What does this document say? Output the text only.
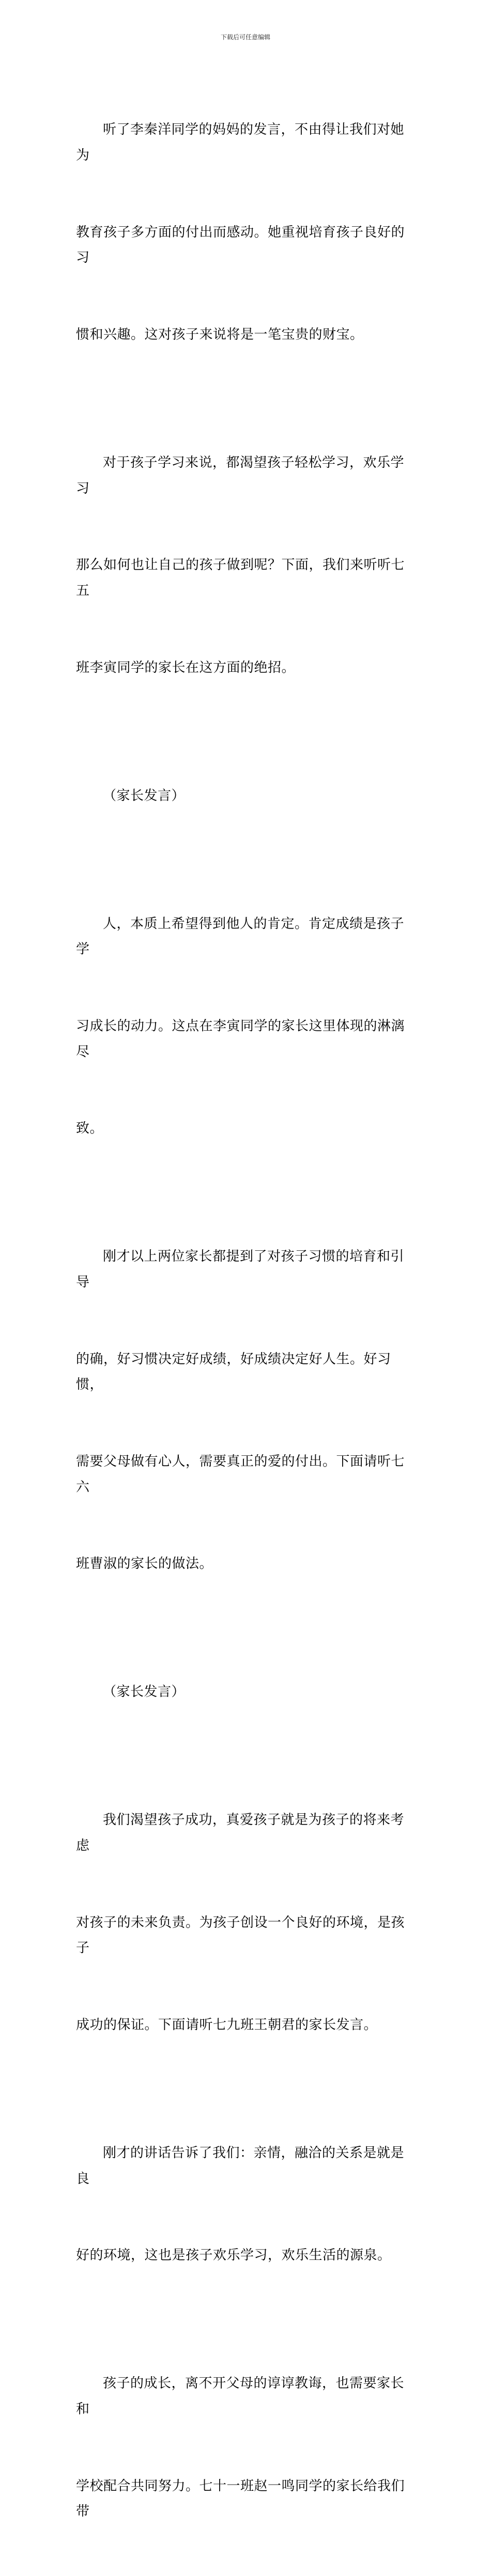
下载后可任意编辑

听了李秦洋同学的妈妈的发言，不由得让我们对她为

教育孩子多方面的付出而感动。她重视培育孩子良好的习

惯和兴趣。这对孩子来说将是一笔宝贵的财宝。

对于孩子学习来说，都渴望孩子轻松学习，欢乐学习

那么如何也让自己的孩子做到呢？下面，我们来听听七五

班李寅同学的家长在这方面的绝招。

（家长发言）

人，本质上希望得到他人的肯定。肯定成绩是孩子学

习成长的动力。这点在李寅同学的家长这里体现的淋漓尽

致。

刚才以上两位家长都提到了对孩子习惯的培育和引导

的确，好习惯决定好成绩，好成绩决定好人生。好习惯，

需要父母做有心人，需要真正的爱的付出。下面请听七六

班曹淑的家长的做法。

（家长发言）

我们渴望孩子成功，真爱孩子就是为孩子的将来考虑

对孩子的未来负责。为孩子创设一个良好的环境，是孩子

成功的保证。下面请听七九班王朝君的家长发言。

刚才的讲话告诉了我们：亲情，融洽的关系是就是良

好的环境，这也是孩子欢乐学习，欢乐生活的源泉。

孩子的成长，离不开父母的谆谆教诲，也需要家长和

学校配合共同努力。七十一班赵一鸣同学的家长给我们带
